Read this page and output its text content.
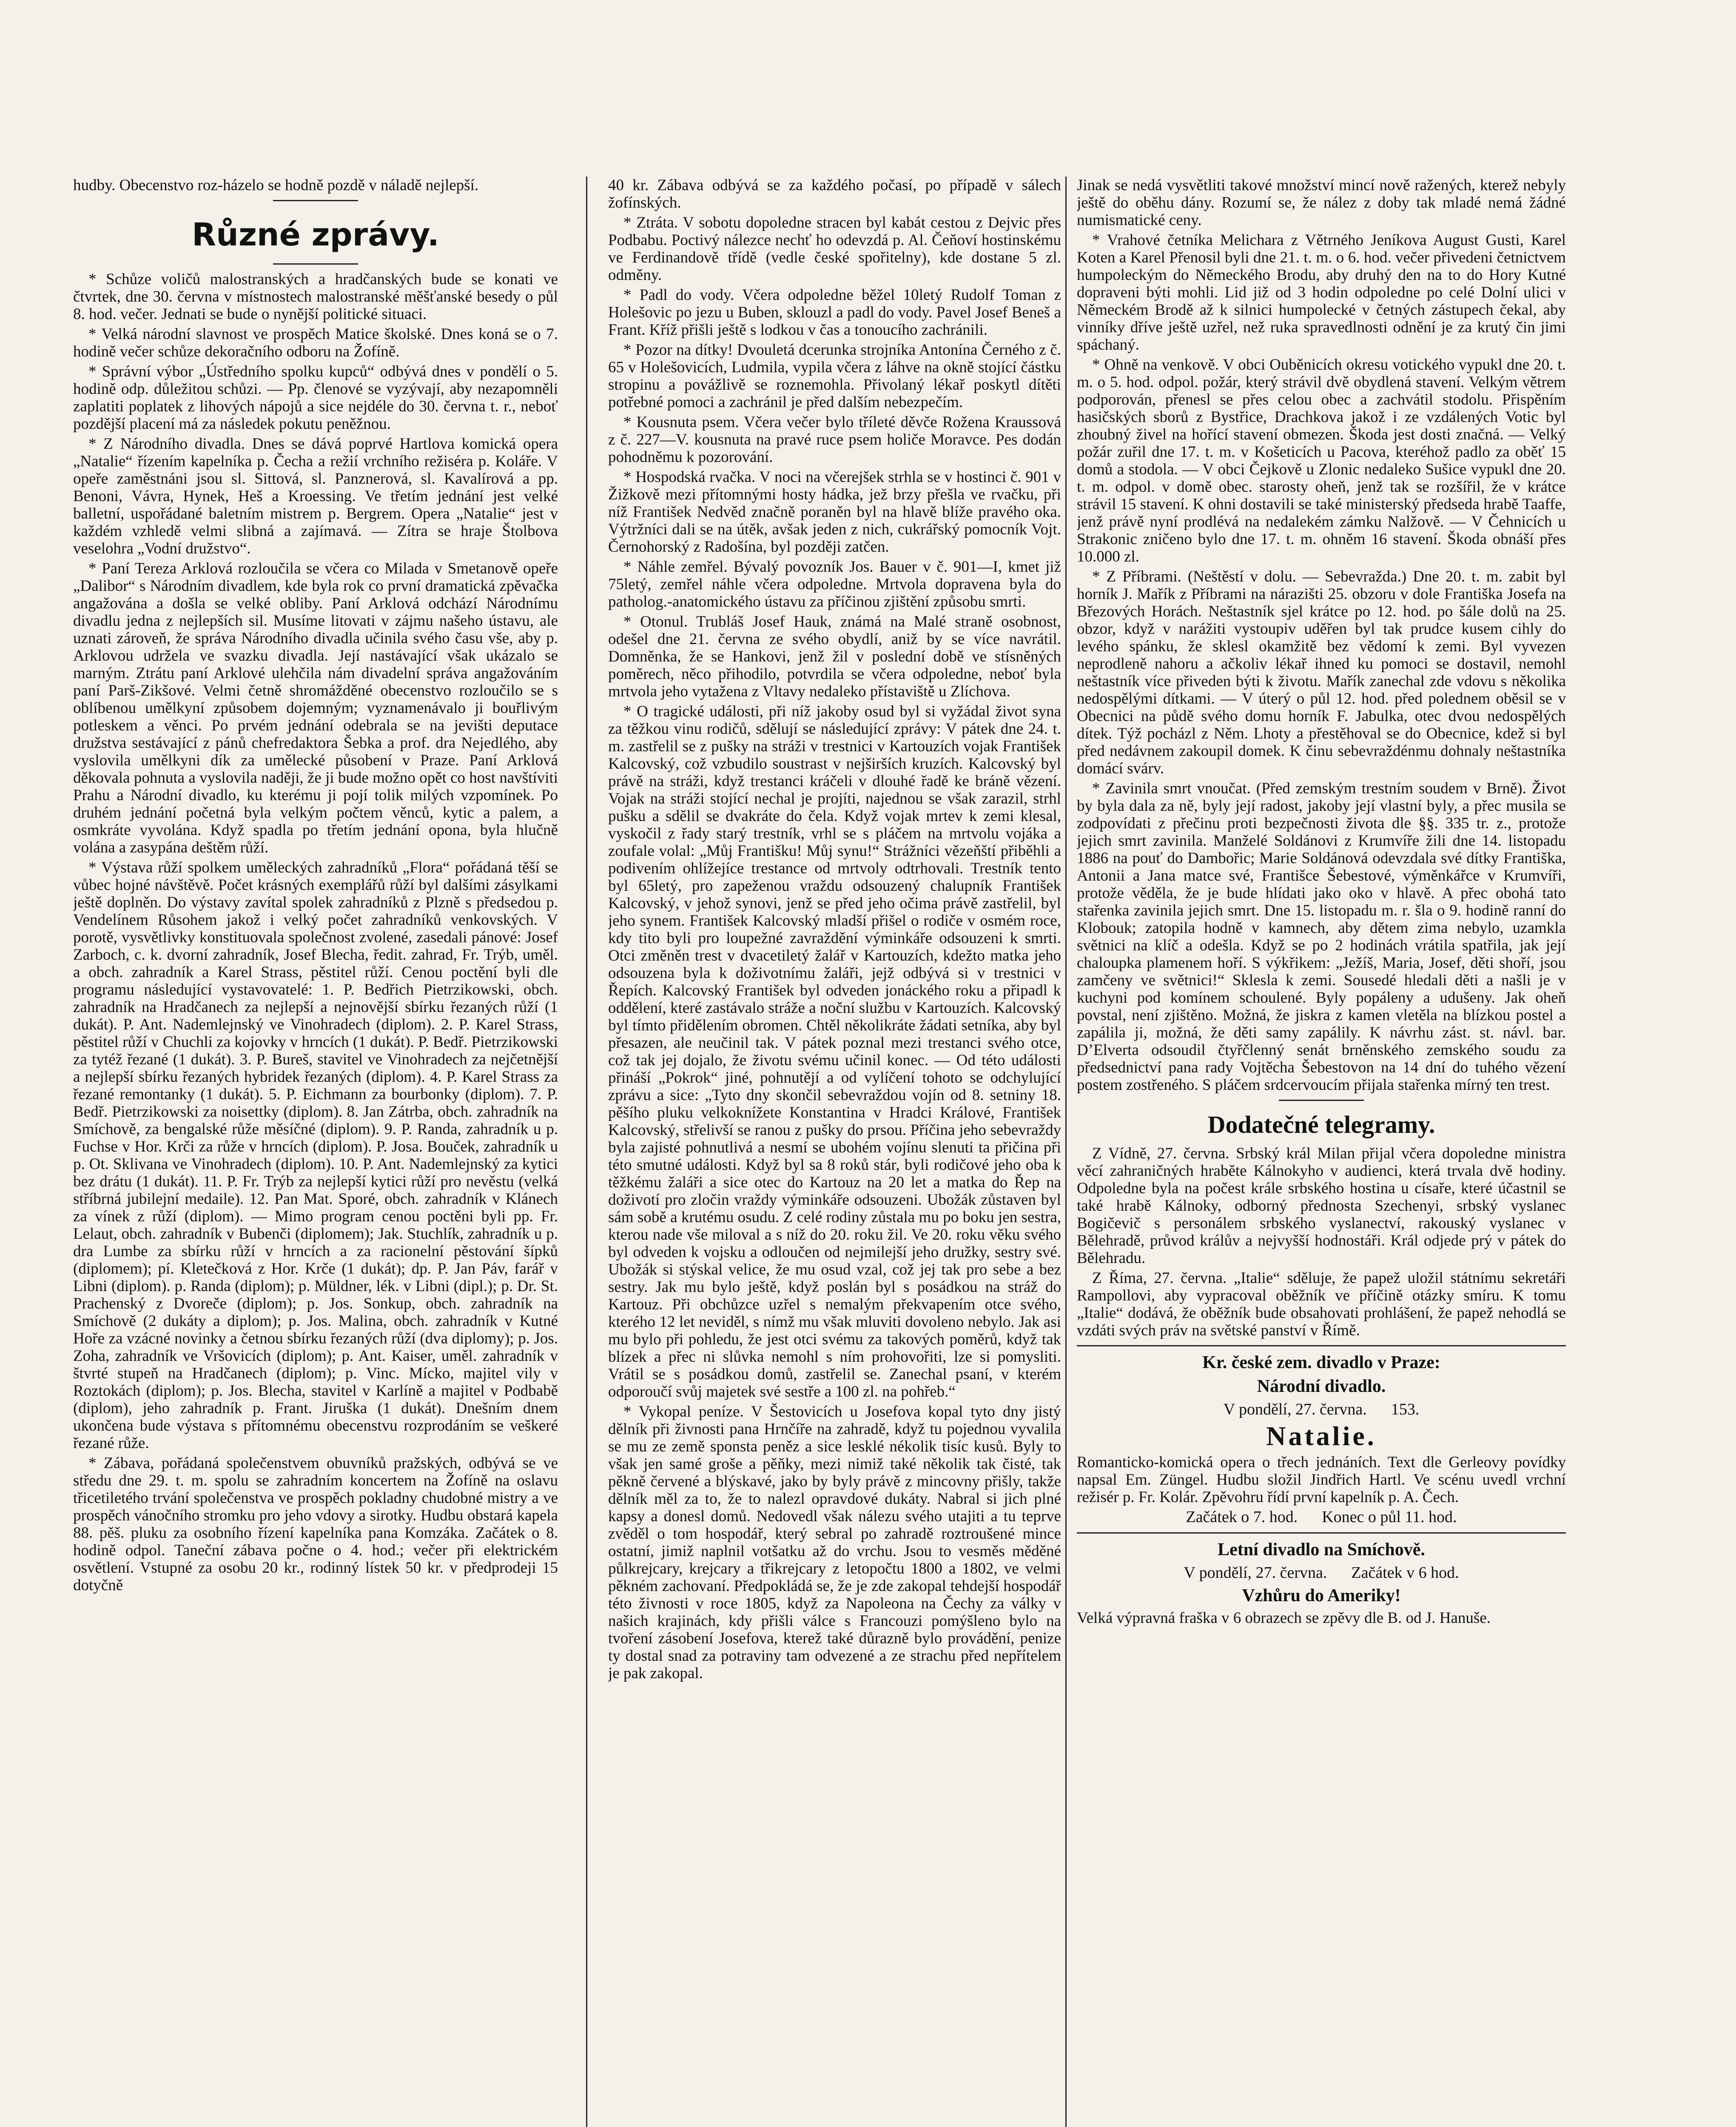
hudby. Obecenstvo roz-házelo se hodně pozdě v náladě nejlepší.

Různé zprávy.

* Schůze voličů malostranských a hradčanských bude se konati ve čtvrtek, dne 30. června v místnostech malostranské měšťanské besedy o půl 8. hod. večer. Jednati se bude o nynější politické situaci.

* Velká národní slavnost ve prospěch Matice školské. Dnes koná se o 7. hodině večer schůze dekoračního odboru na Žofíně.

* Správní výbor „Ústředního spolku kupců“ odbývá dnes v pondělí o 5. hodině odp. důležitou schůzi. — Pp. členové se vyzývají, aby nezapomněli zaplatiti poplatek z lihových nápojů a sice nejdéle do 30. června t. r., neboť pozdější placení má za následek pokutu peněžnou.

* Z Národního divadla. Dnes se dává poprvé Hartlova komická opera „Natalie“ řízením kapelníka p. Čecha a režií vrchního režiséra p. Koláře. V opeře zaměstnáni jsou sl. Sittová, sl. Panznerová, sl. Kavalírová a pp. Benoni, Vávra, Hynek, Heš a Kroessing. Ve třetím jednání jest velké balletní, uspořádané baletním mistrem p. Bergrem. Opera „Natalie“ jest v každém vzhledě velmi slibná a zajímavá. — Zítra se hraje Štolbova veselohra „Vodní družstvo“.

* Paní Tereza Arklová rozloučila se včera co Milada v Smetanově opeře „Dalibor“ s Národním divadlem, kde byla rok co první dramatická zpěvačka angažována a došla se velké obliby. Paní Arklová odchází Národnímu divadlu jedna z nejlepších sil. Musíme litovati v zájmu našeho ústavu, ale uznati zároveň, že správa Národního divadla učinila svého času vše, aby p. Arklovou udržela ve svazku divadla. Její nastávající však ukázalo se marným. Ztrátu paní Arklové ulehčila nám divadelní správa angažováním paní Parš-Zikšové. Velmi četně shromážděné obecenstvo rozloučilo se s oblíbenou umělkyní způsobem dojemným; vyznamenávalo ji bouřlivým potleskem a věnci. Po prvém jednání odebrala se na jevišti deputace družstva sestávající z pánů chefredaktora Šebka a prof. dra Nejedlého, aby vyslovila umělkyni dík za umělecké působení v Praze. Paní Arklová děkovala pohnuta a vyslovila naději, že ji bude možno opět co host navštíviti Prahu a Národní divadlo, ku kterému ji pojí tolik milých vzpomínek. Po druhém jednání početná byla velkým počtem věnců, kytic a palem, a osmkráte vyvolána. Když spadla po třetím jednání opona, byla hlučně volána a zasypána deštěm růží.

* Výstava růží spolkem uměleckých zahradníků „Flora“ pořádaná těší se vůbec hojné návštěvě. Počet krásných exemplářů růží byl dalšími zásylkami ještě doplněn. Do výstavy zavítal spolek zahradníků z Plzně s předsedou p. Vendelínem Růsohem jakož i velký počet zahradníků venkovských. V porotě, vysvětlivky konstituovala společnost zvolené, zasedali pánové: Josef Zarboch, c. k. dvorní zahradník, Josef Blecha, ředit. zahrad, Fr. Trýb, uměl. a obch. zahradník a Karel Strass, pěstitel růží. Cenou poctění byli dle programu následující vystavovatelé: 1. P. Bedřich Pietrzikowski, obch. zahradník na Hradčanech za nejlepší a nejnovější sbírku řezaných růží (1 dukát). P. Ant. Nademlejnský ve Vinohradech (diplom). 2. P. Karel Strass, pěstitel růží v Chuchli za kojovky v hrncích (1 dukát). P. Bedř. Pietrzikowski za tytéž řezané (1 dukát). 3. P. Bureš, stavitel ve Vinohradech za nejčetnější a nejlepší sbírku řezaných hybridek řezaných (diplom). 4. P. Karel Strass za řezané remontanky (1 dukát). 5. P. Eichmann za bourbonky (diplom). 7. P. Bedř. Pietrzikowski za noisettky (diplom). 8. Jan Zátrba, obch. zahradník na Smíchově, za bengalské růže měsíčné (diplom). 9. P. Randa, zahradník u p. Fuchse v Hor. Krči za růže v hrncích (diplom). P. Josa. Bouček, zahradník u p. Ot. Sklivana ve Vinohradech (diplom). 10. P. Ant. Nademlejnský za kytici bez drátu (1 dukát). 11. P. Fr. Trýb za nejlepší kytici růží pro nevěstu (velká stříbrná jubilejní medaile). 12. Pan Mat. Sporé, obch. zahradník v Klánech za vínek z růží (diplom). — Mimo program cenou poctěni byli pp. Fr. Lelaut, obch. zahradník v Bubenči (diplomem); Jak. Stuchlík, zahradník u p. dra Lumbe za sbírku růží v hrncích a za racionelní pěstování šípků (diplomem); pí. Kletečková z Hor. Krče (1 dukát); dp. P. Jan Páv, farář v Libni (diplom). p. Randa (diplom); p. Müldner, lék. v Libni (dipl.); p. Dr. St. Prachenský z Dvoreče (diplom); p. Jos. Sonkup, obch. zahradník na Smíchově (2 dukáty a diplom); p. Jos. Malina, obch. zahradník v Kutné Hoře za vzácné novinky a četnou sbírku řezaných růží (dva diplomy); p. Jos. Zoha, zahradník ve Vršovicích (diplom); p. Ant. Kaiser, uměl. zahradník v štvrté stupeň na Hradčanech (diplom); p. Vinc. Mícko, majitel vily v Roztokách (diplom); p. Jos. Blecha, stavitel v Karlíně a majitel v Podbabě (diplom), jeho zahradník p. Frant. Jiruška (1 dukát). Dnešním dnem ukončena bude výstava s přítomnému obecenstvu rozprodáním se veškeré řezané růže.

* Zábava, pořádaná společenstvem obuvníků pražských, odbývá se ve středu dne 29. t. m. spolu se zahradním koncertem na Žofíně na oslavu třicetiletého trvání společenstva ve prospěch pokladny chudobné mistry a ve prospěch vánočního stromku pro jeho vdovy a sirotky. Hudbu obstará kapela 88. pěš. pluku za osobního řízení kapelníka pana Komzáka. Začátek o 8. hodině odpol. Taneční zábava počne o 4. hod.; večer při elektrickém osvětlení. Vstupné za osobu 20 kr., rodinný lístek 50 kr. v předprodeji 15 dotyčně

40 kr. Zábava odbývá se za každého počasí, po případě v sálech žofínských.

* Ztráta. V sobotu dopoledne stracen byl kabát cestou z Dejvic přes Podbabu. Poctivý nálezce nechť ho odevzdá p. Al. Čeňoví hostinskému ve Ferdinandově třídě (vedle české spořitelny), kde dostane 5 zl. odměny.

* Padl do vody. Včera odpoledne běžel 10letý Rudolf Toman z Holešovic po jezu u Buben, sklouzl a padl do vody. Pavel Josef Beneš a Frant. Kříž přišli ještě s lodkou v čas a tonoucího zachránili.

* Pozor na dítky! Dvouletá dcerunka strojníka Antonína Černého z č. 65 v Holešovicích, Ludmila, vypila včera z láhve na okně stojící částku stropinu a povážlivě se roznemohla. Přivolaný lékař poskytl dítěti potřebné pomoci a zachránil je před dalším nebezpečím.

* Kousnuta psem. Včera večer bylo tříleté děvče Rožena Kraussová z č. 227—V. kousnuta na pravé ruce psem holiče Moravce. Pes dodán pohodněmu k pozorování.

* Hospodská rvačka. V noci na včerejšek strhla se v hostinci č. 901 v Žižkově mezi přítomnými hosty hádka, jež brzy přešla ve rvačku, při níž František Nedvěd značně poraněn byl na hlavě blíže pravého oka. Výtržníci dali se na útěk, avšak jeden z nich, cukrářský pomocník Vojt. Černohorský z Radošína, byl později zatčen.

* Náhle zemřel. Bývalý povozník Jos. Bauer v č. 901—I, kmet již 75letý, zemřel náhle včera odpoledne. Mrtvola dopravena byla do patholog.-anatomického ústavu za příčinou zjištění způsobu smrti.

* Otonul. Trubláš Josef Hauk, známá na Malé straně osobnost, odešel dne 21. června ze svého obydlí, aniž by se více navrátil. Domněnka, že se Hankovi, jenž žil v poslední době ve stísněných poměrech, něco přihodilo, potvrdila se včera odpoledne, neboť byla mrtvola jeho vytažena z Vltavy nedaleko přístaviště u Zlíchova.

* O tragické události, při níž jakoby osud byl si vyžádal život syna za těžkou vinu rodičů, sdělují se následující zprávy: V pátek dne 24. t. m. zastřelil se z pušky na stráži v trestnici v Kartouzích vojak František Kalcovský, což vzbudilo soustrast v nejširších kruzích. Kalcovský byl právě na stráži, když trestanci kráčeli v dlouhé řadě ke bráně vězení. Vojak na stráži stojící nechal je projíti, najednou se však zarazil, strhl pušku a sdělil se dvakráte do čela. Když vojak mrtev k zemi klesal, vyskočil z řady starý trestník, vrhl se s pláčem na mrtvolu vojáka a zoufale volal: „Můj Františku! Můj synu!“ Strážníci vězeňští přiběhli a podivením ohlížejíce trestance od mrtvoly odtrhovali. Trestník tento byl 65letý, pro zapeženou vraždu odsouzený chalupník František Kalcovský, v jehož synovi, jenž se před jeho očima právě zastřelil, byl jeho synem. František Kalcovský mladší přišel o rodiče v osmém roce, kdy tito byli pro loupežné zavraždění výminkáře odsouzeni k smrti. Otci změněn trest v dvacetiletý žalář v Kartouzích, kdežto matka jeho odsouzena byla k doživotnímu žaláři, jejž odbývá si v trestnici v Řepích. Kalcovský František byl odveden jonáckého roku a připadl k oddělení, které zastávalo stráže a noční službu v Kartouzích. Kalcovský byl tímto přidělením obromen. Chtěl několikráte žádati setníka, aby byl přesazen, ale neučinil tak. V pátek poznal mezi trestanci svého otce, což tak jej dojalo, že životu svému učinil konec. — Od této události přináší „Pokrok“ jiné, pohnutějí a od vylíčení tohoto se odchylující zprávu a sice: „Tyto dny skončil sebevraždou vojín od 8. setniny 18. pěšího pluku velkoknížete Konstantina v Hradci Králové, František Kalcovský, střelivší se ranou z pušky do prsou. Příčina jeho sebevraždy byla zajisté pohnutlivá a nesmí se ubohém vojínu slenuti ta přičina při této smutné události. Když byl sa 8 roků stár, byli rodičové jeho oba k těžkému žaláři a sice otec do Kartouz na 20 let a matka do Řep na doživotí pro zločin vraždy výminkáře odsouzeni. Ubožák zůstaven byl sám sobě a krutému osudu. Z celé rodiny zůstala mu po boku jen sestra, kterou nade vše miloval a s níž do 20. roku žil. Ve 20. roku věku svého byl odveden k vojsku a odloučen od nejmilejší jeho družky, sestry své. Ubožák si stýskal velice, že mu osud vzal, což jej tak pro sebe a bez sestry. Jak mu bylo ještě, když poslán byl s posádkou na stráž do Kartouz. Při obchůzce uzřel s nemalým překvapením otce svého, kterého 12 let neviděl, s nímž mu však mluviti dovoleno nebylo. Jak asi mu bylo při pohledu, že jest otci svému za takových poměrů, když tak blízek a přec ni slůvka nemohl s ním prohovořiti, lze si pomysliti. Vrátil se s posádkou domů, zastřelil se. Zanechal psaní, v kterém odporoučí svůj majetek své sestře a 100 zl. na pohřeb.“

* Vykopal peníze. V Šestovicích u Josefova kopal tyto dny jistý dělník při živnosti pana Hrnčíře na zahradě, když tu pojednou vyvalila se mu ze země sponsta peněz a sice lesklé nékolik tisíc kusů. Byly to však jen samé groše a pěňky, mezi nimiž také několik tak čisté, tak pěkně červené a blýskavé, jako by byly právě z mincovny přišly, takže dělník měl za to, že to nalezl opravdové dukáty. Nabral si jich plné kapsy a donesl domů. Nedovedl však nálezu svého utajiti a tu teprve zvěděl o tom hospodář, který sebral po zahradě roztroušené mince ostatní, jimiž naplnil votšatku až do vrchu. Jsou to vesměs měděné půlkrejcary, krejcary a třikrejcary z letopočtu 1800 a 1802, ve velmi pěkném zachovaní. Předpokládá se, že je zde zakopal tehdejší hospodář této živnosti v roce 1805, když za Napoleona na Čechy za války v našich krajinách, kdy přišli válce s Francouzi pomýšleno bylo na tvoření zásobení Josefova, kterež také důrazně bylo provádění, penize ty dostal snad za potraviny tam odvezené a ze strachu před nepřítelem je pak zakopal.

Jinak se nedá vysvětliti takové množství mincí nově ražených, kterež nebyly ještě do oběhu dány. Rozumí se, že nález z doby tak mladé nemá žádné numismatické ceny.

* Vrahové četníka Melichara z Větrného Jeníkova August Gusti, Karel Koten a Karel Přenosil byli dne 21. t. m. o 6. hod. večer přivedeni četnictvem humpoleckým do Německého Brodu, aby druhý den na to do Hory Kutné dopraveni býti mohli. Lid již od 3 hodin odpoledne po celé Dolní ulici v Německém Brodě až k silnici humpolecké v četných zástupech čekal, aby vinníky dříve ještě uzřel, než ruka spravedlnosti odnění je za krutý čin jimi spáchaný.

* Ohně na venkově. V obci Ouběnicích okresu votického vypukl dne 20. t. m. o 5. hod. odpol. požár, který strávil dvě obydlená stavení. Velkým větrem podporován, přenesl se přes celou obec a zachvátil stodolu. Přispěním hasičských sborů z Bystřice, Drachkova jakož i ze vzdálených Votic byl zhoubný živel na hořící stavení obmezen. Škoda jest dosti značná. — Velký požár zuřil dne 17. t. m. v Košeticích u Pacova, kteréhož padlo za oběť 15 domů a stodola. — V obci Čejkově u Zlonic nedaleko Sušice vypukl dne 20. t. m. odpol. v domě obec. starosty oheň, jenž tak se rozšířil, že v krátce strávil 15 stavení. K ohni dostavili se také ministerský předseda hrabě Taaffe, jenž právě nyní prodlévá na nedalekém zámku Nalžově. — V Čehnicích u Strakonic zničeno bylo dne 17. t. m. ohněm 16 stavení. Škoda obnáší přes 10.000 zl.

* Z Příbrami. (Neštěstí v dolu. — Sebevražda.) Dne 20. t. m. zabit byl horník J. Mařík z Příbrami na nárazišti 25. obzoru v dole Františka Josefa na Březových Horách. Neštastník sjel krátce po 12. hod. po šále dolů na 25. obzor, když v narážiti vystoupiv uděřen byl tak prudce kusem cihly do levého spánku, že sklesl okamžitě bez vědomí k zemi. Byl vyvezen neprodleně nahoru a ačkoliv lékař ihned ku pomoci se dostavil, nemohl neštastník více přiveden býti k životu. Mařík zanechal zde vdovu s několika nedospělými dítkami. — V úterý o půl 12. hod. před polednem oběsil se v Obecnici na půdě svého domu horník F. Jabulka, otec dvou nedospělých dítek. Týž pocházl z Něm. Lhoty a přestěhoval se do Obecnice, kdež si byl před nedávnem zakoupil domek. K činu sebevraždénmu dohnaly neštastníka domácí svárv.

* Zavinila smrt vnoučat. (Před zemským trestním soudem v Brně). Život by byla dala za ně, byly její radost, jakoby její vlastní byly, a přec musila se zodpovídati z přečinu proti bezpečnosti života dle §§. 335 tr. z., protože jejich smrt zavinila. Manželé Soldánovi z Krumvíře žili dne 14. listopadu 1886 na pouť do Dambořic; Marie Soldánová odevzdala své dítky Františka, Antonii a Jana matce své, Františce Šebestové, výměnkářce v Krumvíři, protože věděla, že je bude hlídati jako oko v hlavě. A přec obohá tato stařenka zavinila jejich smrt. Dne 15. listopadu m. r. šla o 9. hodině ranní do Klobouk; zatopila hodně v kamnech, aby dětem zima nebylo, uzamkla světnici na klíč a odešla. Když se po 2 hodinách vrátila spatřila, jak její chaloupka plamenem hoří. S výkřikem: „Ježíš, Maria, Josef, děti shoří, jsou zamčeny ve světnici!“ Sklesla k zemi. Sousedé hledali děti a našli je v kuchyni pod komínem schoulené. Byly popáleny a udušeny. Jak oheň povstal, není zjištěno. Možná, že jiskra z kamen vletěla na blízkou postel a zapálila ji, možná, že děti samy zapálily. K návrhu zást. st. návl. bar. D’Elverta odsoudil čtyřčlenný senát brněnského zemského soudu za předsednictví pana rady Vojtěcha Šebestovon na 14 dní do tuhého vězení postem zostřeného. S pláčem srdcervoucím přijala stařenka mírný ten trest.

Dodatečné telegramy.

Z Vídně, 27. června. Srbský král Milan přijal včera dopoledne ministra věcí zahraničných hraběte Kálnokyho v audienci, která trvala dvě hodiny. Odpoledne byla na počest krále srbského hostina u císaře, které účastnil se také hrabě Kálnoky, odborný přednosta Szechenyi, srbský vyslanec Bogičevič s personálem srbského vyslanectví, rakouský vyslanec v Bělehradě, průvod králův a nejvyšší hodnostáři. Král odjede prý v pátek do Bělehradu.

Z Říma, 27. června. „Italie“ sděluje, že papež uložil státnímu sekretáři Rampollovi, aby vypracoval oběžník ve příčině otázky smíru. K tomu „Italie“ dodává, že oběžník bude obsahovati prohlášení, že papež nehodlá se vzdáti svých práv na světské panství v Římě.

Kr. české zem. divadlo v Praze:
Národní divadlo.
V pondělí, 27. června. 153.
Natalie.
Romanticko-komická opera o třech jednáních. Text dle Gerleovy povídky napsal Em. Züngel. Hudbu složil Jindřich Hartl. Ve scénu uvedl vrchní režisér p. Fr. Kolár. Zpěvohru řídí první kapelník p. A. Čech.
Začátek o 7. hod. Konec o půl 11. hod.
Letní divadlo na Smíchově.
V pondělí, 27. června. Začátek v 6 hod.
Vzhůru do Ameriky!
Velká výpravná fraška v 6 obrazech se zpěvy dle B. od J. Hanuše.
